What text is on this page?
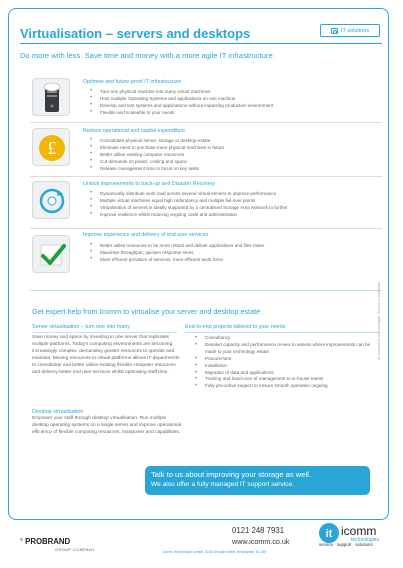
Virtualisation – servers and desktops	IT solutions
Do more with less. Save time and money with a more agile IT infrastructure.
Optimise and future proof IT infrastructure
• Turn one physical machine into many virtual machines
• Host multiple Operating Systems and applications on one machine
• Develop and test systems and applications without impacting production environment
• Flexible and scaleable to your needs
£
Reduce operational and capital expenditure
• Consolidate physical server, storage or desktop estate
• Eliminate need to purchase more physical machines in future
• Better utilise existing computer resources
• Cut demands on power, cooling and space
• Release management time to focus on key tasks
Unlock improvements to back-up and Disaster Recovery
• Dynamically distribute work load across several virtual servers to improve performance
• Multiple virtual machines equal high redundancy and multiple fail-over points
• Virtualisation of servers is ideally supported by a centralised Storage Area Network to further
• improve resilience whilst reducing ongoing costs and administration
Improve experience and delivery of end user services
• Better utilise resources to be more robust and deliver applications and files faster
• Maximise throughput, quicken response times
• More efficient provision of services, more efficient work force
Get expert help from Icomm to virtualise your server and desktop estate
Server virtualisation – turn one into many
Save money and space by investing in one server that replicates multiple platforms. Today's computing environments are becoming increasingly complex, demanding greater resources to operate and maintain. Moving resources to virtual platforms allows IT departments to consolidate and better utilise existing flexible computer resources and delivery better end user services whilst optimising staff time.
Desktop virtualisation
Empower your staff through desktop virtualisation. Run multiple desktop operating systems on a single server and improve operational efficiency of flexible computing resources, manpower and capabilities.
End-to-end projects tailored to your needs
• Consultancy
• Detailed capacity and performance review to assess where improvements can be made to your technology estate
• Procurement
• Installation
• Migration of data and applications
• Training and hand-over of management to in-house teams
• Fully pro-active support to ensure smooth operation ongoing
Talk to us about improving your storage as well.
We also offer a fully managed IT support service.
All trademarks acknowledged. Subject to availability.
® PROBRAND
GROUP COMPANY
0121 248 7931
www.icomm.co.uk
Icomm Technologies Limited, 60-56 Dendale Street, Birmingham, B1 1BF
it icomm
technologies
service · support · solutions
